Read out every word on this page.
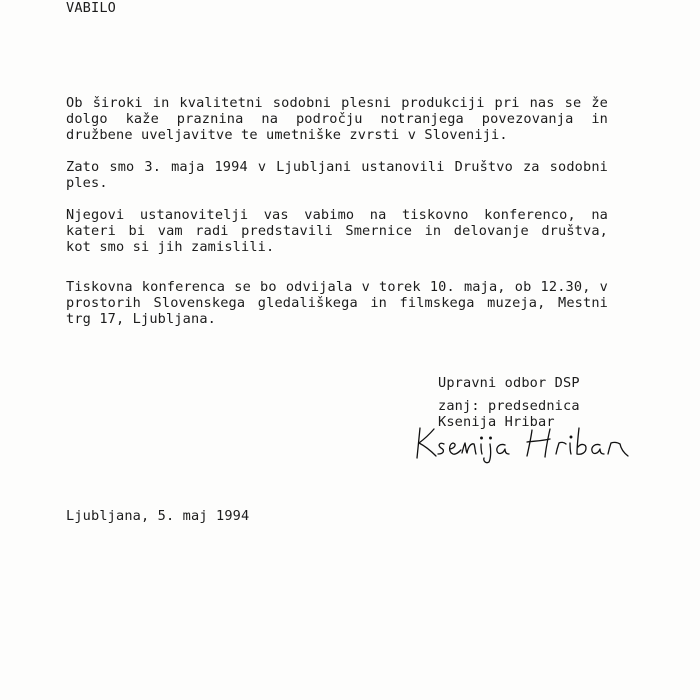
VABILO
Ob široki in kvalitetni sodobni plesni produkciji pri nas se že
dolgo kaže praznina na področju notranjega povezovanja in
družbene uveljavitve te umetniške zvrsti v Sloveniji.
Zato smo 3. maja 1994 v Ljubljani ustanovili Društvo za sodobni
ples.
Njegovi ustanovitelji vas vabimo na tiskovno konferenco, na
kateri bi vam radi predstavili Smernice in delovanje društva,
kot smo si jih zamislili.
Tiskovna konferenca se bo odvijala v torek 10. maja, ob 12.30, v
prostorih Slovenskega gledališkega in filmskega muzeja, Mestni
trg 17, Ljubljana.
Upravni odbor DSP
zanj: predsednica
Ksenija Hribar
Ljubljana, 5. maj 1994
